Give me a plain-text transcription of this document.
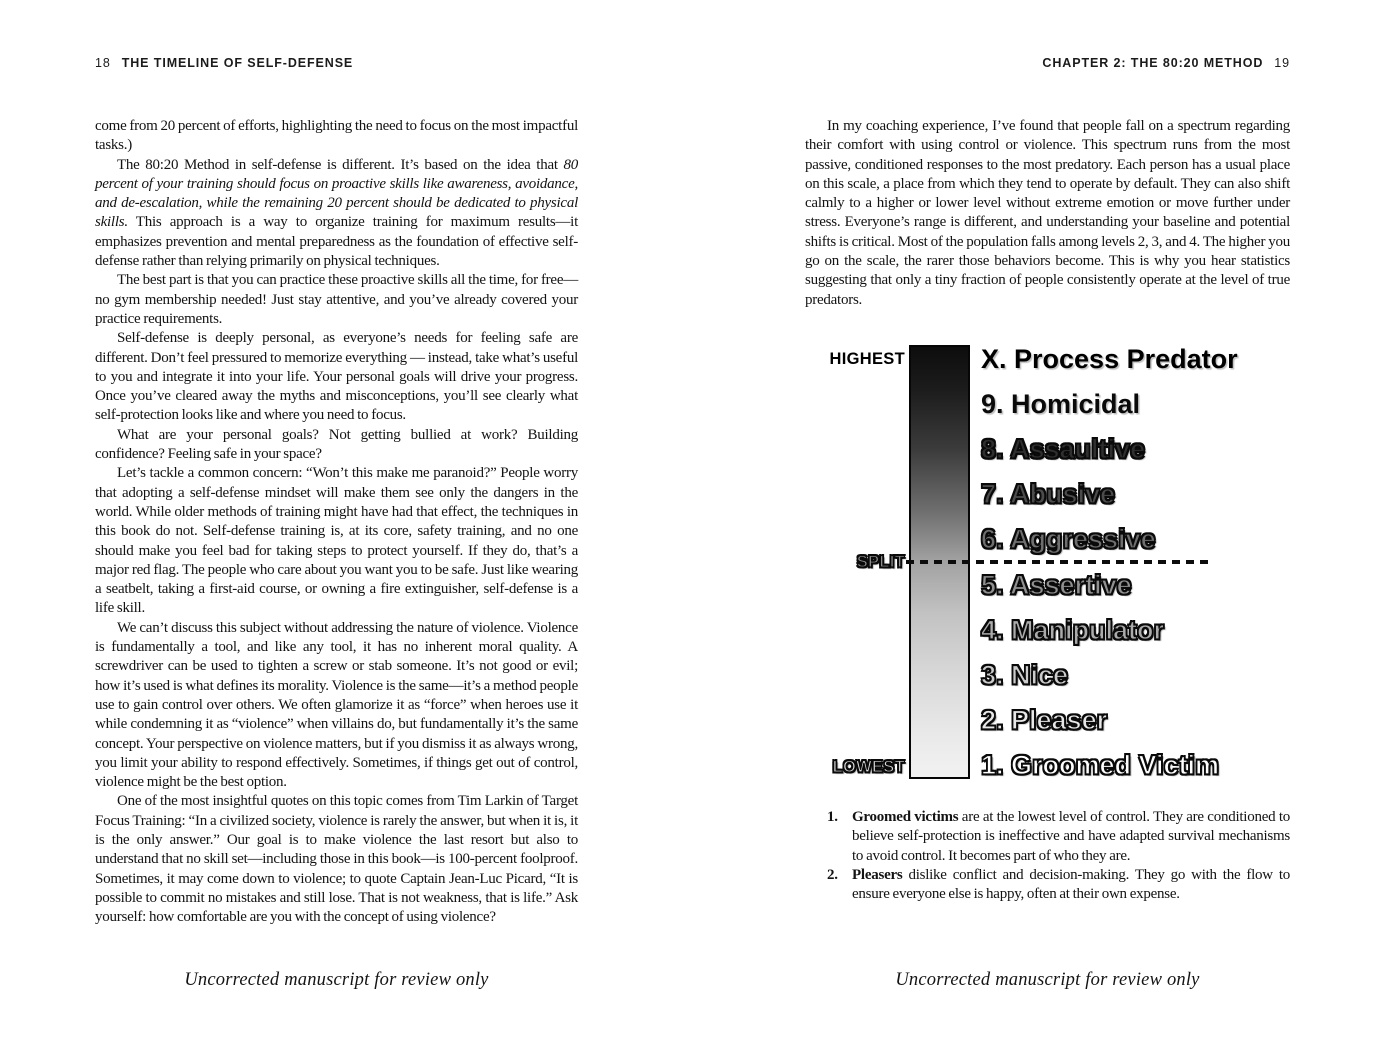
18 THE TIMELINE OF SELF-DEFENSE

come from 20 percent of efforts, highlighting the need to focus on the most impactful tasks.)

The 80:20 Method in self-defense is different. It’s based on the idea that 80 percent of your training should focus on proactive skills like awareness, avoidance, and de-escalation, while the remaining 20 percent should be dedicated to physical skills. This approach is a way to organize training for maximum results—it emphasizes prevention and mental preparedness as the foundation of effective self-defense rather than relying primarily on physical techniques.

The best part is that you can practice these proactive skills all the time, for free—no gym membership needed! Just stay attentive, and you’ve already covered your practice requirements.

Self-defense is deeply personal, as everyone’s needs for feeling safe are different. Don’t feel pressured to memorize everything — instead, take what’s useful to you and integrate it into your life. Your personal goals will drive your progress. Once you’ve cleared away the myths and misconceptions, you’ll see clearly what self-protection looks like and where you need to focus.

What are your personal goals? Not getting bullied at work? Building confidence? Feeling safe in your space?

Let’s tackle a common concern: “Won’t this make me paranoid?” People worry that adopting a self-defense mindset will make them see only the dangers in the world. While older methods of training might have had that effect, the techniques in this book do not. Self-defense training is, at its core, safety training, and no one should make you feel bad for taking steps to protect yourself. If they do, that’s a major red flag. The people who care about you want you to be safe. Just like wearing a seatbelt, taking a first-aid course, or owning a fire extinguisher, self-defense is a life skill.

We can’t discuss this subject without addressing the nature of violence. Violence is fundamentally a tool, and like any tool, it has no inherent moral quality. A screwdriver can be used to tighten a screw or stab someone. It’s not good or evil; how it’s used is what defines its morality. Violence is the same—it’s a method people use to gain control over others. We often glamorize it as “force” when heroes use it while condemning it as “violence” when villains do, but fundamentally it’s the same concept. Your perspective on violence matters, but if you dismiss it as always wrong, you limit your ability to respond effectively. Sometimes, if things get out of control, violence might be the best option.

One of the most insightful quotes on this topic comes from Tim Larkin of Target Focus Training: “In a civilized society, violence is rarely the answer, but when it is, it is the only answer.” Our goal is to make violence the last resort but also to understand that no skill set—including those in this book—is 100-percent foolproof. Sometimes, it may come down to violence; to quote Captain Jean-Luc Picard, “It is possible to commit no mistakes and still lose. That is not weakness, that is life.” Ask yourself: how comfortable are you with the concept of using violence?

Uncorrected manuscript for review only
CHAPTER 2: THE 80:20 METHOD 19

In my coaching experience, I’ve found that people fall on a spectrum regarding their comfort with using control or violence. This spectrum runs from the most passive, conditioned responses to the most predatory. Each person has a usual place on this scale, a place from which they tend to operate by default. They can also shift calmly to a higher or lower level without extreme emotion or move further under stress. Everyone’s range is different, and understanding your baseline and potential shifts is critical. Most of the population falls among levels 2, 3, and 4. The higher you go on the scale, the rarer those behaviors become. This is why you hear statistics suggesting that only a tiny fraction of people consistently operate at the level of true predators.

HIGHEST
SPLIT
LOWEST
X. Process Predator
9. Homicidal
8. Assaultive
7. Abusive
6. Aggressive
5. Assertive
4. Manipulator
3. Nice
2. Pleaser
1. Groomed Victim
1. Groomed victims are at the lowest level of control. They are conditioned to believe self-protection is ineffective and have adapted survival mechanisms to avoid control. It becomes part of who they are.
2. Pleasers dislike conflict and decision-making. They go with the flow to ensure everyone else is happy, often at their own expense.
Uncorrected manuscript for review only
